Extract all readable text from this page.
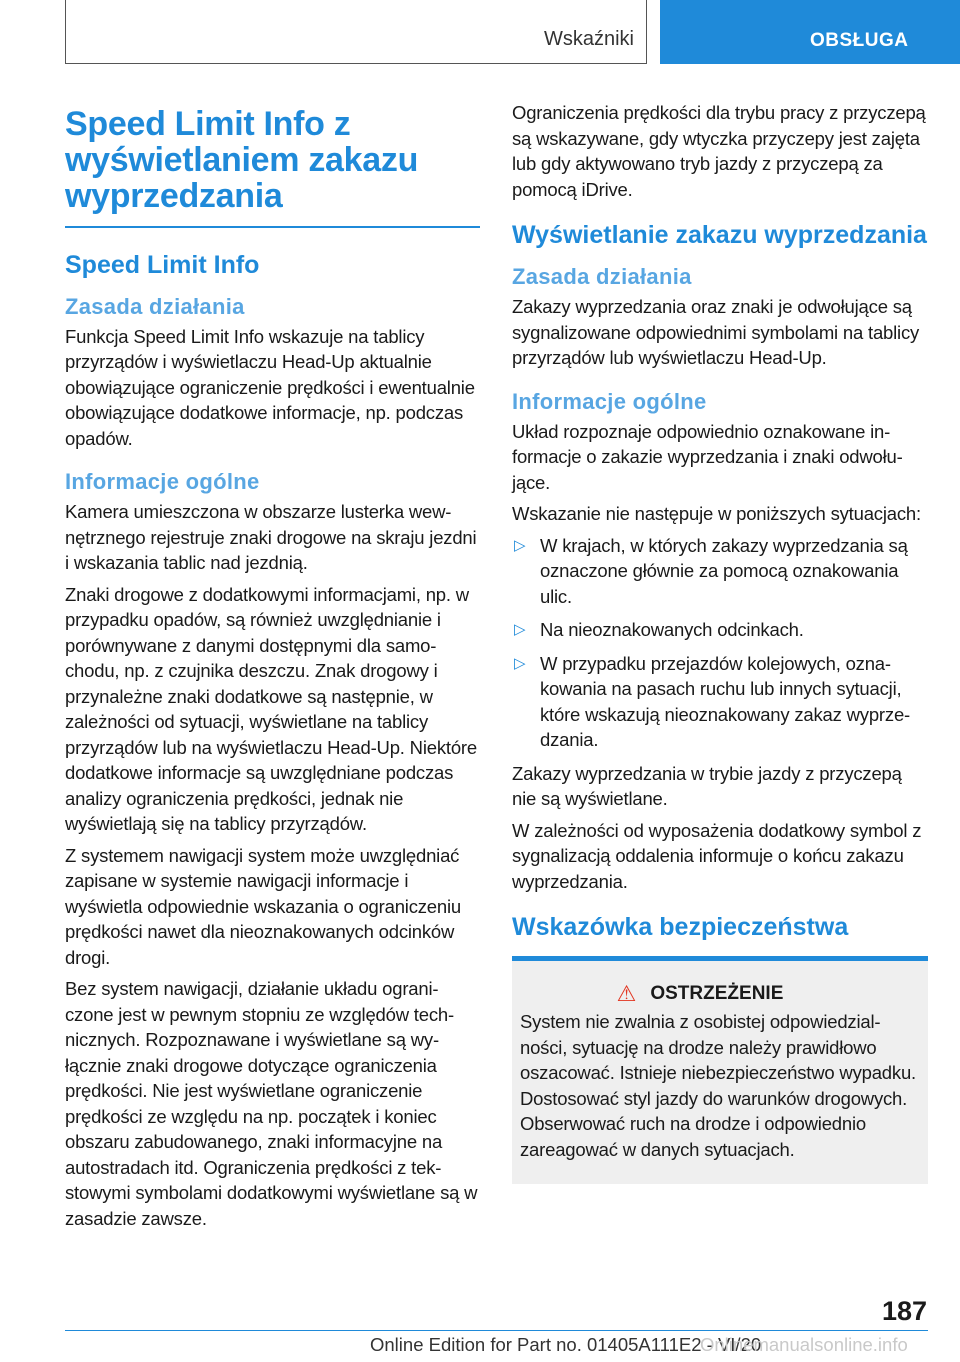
Wskaźniki	OBSŁUGA
Speed Limit Info z wyświetlaniem zakazu wyprzedzania
Speed Limit Info
Zasada działania

Funkcja Speed Limit Info wskazuje na tablicy przyrządów i wyświetlaczu Head-Up aktualnie obowiązujące ograniczenie prędkości i ewentualnie obowiązujące dodatkowe informacje, np. podczas opadów.

Informacje ogólne

Kamera umieszczona w obszarze lusterka wewnętrznego rejestruje znaki drogowe na skraju jezdni i wskazania tablic nad jezdnią.

Znaki drogowe z dodatkowymi informacjami, np. w przypadku opadów, są również uwzględnianie i porównywane z danymi dostępnymi dla samochodu, np. z czujnika deszczu. Znak drogowy i przynależne znaki dodatkowe są następnie, w zależności od sytuacji, wyświetlane na tablicy przyrządów lub na wyświetlaczu Head-Up. Niektóre dodatkowe informacje są uwzględniane podczas analizy ograniczenia prędkości, jednak nie wyświetlają się na tablicy przyrządów.

Z systemem nawigacji system może uwzględniać zapisane w systemie nawigacji informacje i wyświetla odpowiednie wskazania o ograniczeniu prędkości nawet dla nieoznakowanych odcinków drogi.

Bez system nawigacji, działanie układu ograniczone jest w pewnym stopniu ze względów technicznych. Rozpoznawane i wyświetlane są wyłącznie znaki drogowe dotyczące ograniczenia prędkości. Nie jest wyświetlane ograniczenie prędkości ze względu na np. początek i koniec obszaru zabudowanego, znaki informacyjne na autostradach itd. Ograniczenia prędkości z tekstowymi symbolami dodatkowymi wyświetlane są w zasadzie zawsze.

Ograniczenia prędkości dla trybu pracy z przyczepą są wskazywane, gdy wtyczka przyczepy jest zajęta lub gdy aktywowano tryb jazdy z przyczepą za pomocą iDrive.

Wyświetlanie zakazu wyprzedzania
Zasada działania

Zakazy wyprzedzania oraz znaki je odwołujące są sygnalizowane odpowiednimi symbolami na tablicy przyrządów lub wyświetlaczu Head-Up.

Informacje ogólne

Układ rozpoznaje odpowiednio oznakowane informacje o zakazie wyprzedzania i znaki odwołujące.

Wskazanie nie następuje w poniższych sytuacjach:

▷ W krajach, w których zakazy wyprzedzania są oznaczone głównie za pomocą oznakowania ulic.
▷ Na nieoznakowanych odcinkach.
▷ W przypadku przejazdów kolejowych, oznakowania na pasach ruchu lub innych sytuacji, które wskazują nieoznakowany zakaz wyprzedzania.

Zakazy wyprzedzania w trybie jazdy z przyczepą nie są wyświetlane.

W zależności od wyposażenia dodatkowy symbol z sygnalizacją oddalenia informuje o końcu zakazu wyprzedzania.

Wskazówka bezpieczeństwa
⚠ OSTRZEŻENIE

System nie zwalnia z osobistej odpowiedzialności, sytuację na drodze należy prawidłowo oszacować. Istnieje niebezpieczeństwo wypadku. Dostosować styl jazdy do warunków drogowych. Obserwować ruch na drodze i odpowiednio zareagować w danych sytuacjach.

187
Online Edition for Part no. 01405A111E2 - VI/20
Onlinemanualsonline.info
